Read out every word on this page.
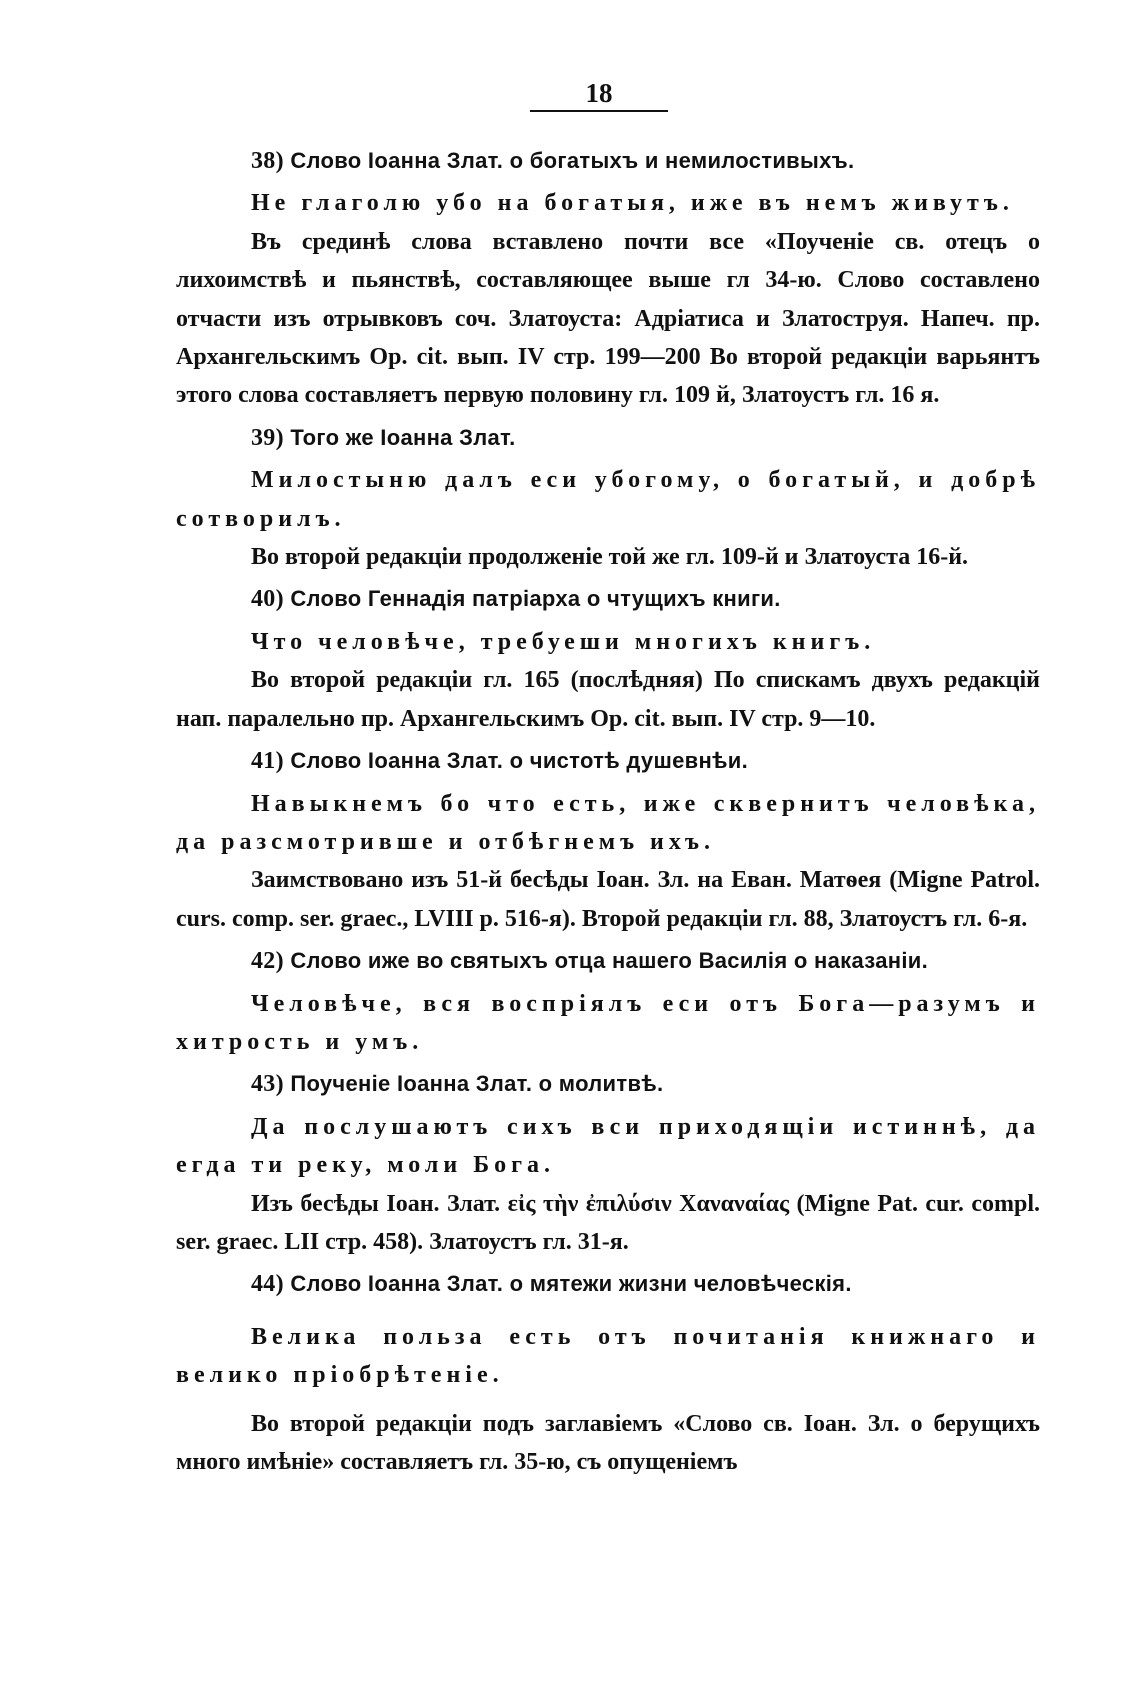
18

38) Слово Іоанна Злат. о богатыхъ и немилостивыхъ.

Не глаголю убо на богатыя, иже въ немъ живутъ.

Въ срединѣ слова вставлено почти все «Поученіе св. отецъ о лихоимствѣ и пьянствѣ, составляющее выше гл 34-ю. Слово составлено отчасти изъ отрывковъ соч. Златоуста: Адріатиса и Златоструя. Напеч. пр. Архангельскимъ Ор. cit. вып. IV стр. 199—200 Во второй редакціи варьянтъ этого слова составляетъ первую половину гл. 109 й, Златоустъ гл. 16 я.

39) Того же Іоанна Злат.

Милостыню далъ еси убогому, о богатый, и добрѣ сотворилъ.

Во второй редакціи продолженіе той же гл. 109-й и Златоуста 16-й.

40) Слово Геннадія патріарха о чтущихъ книги.

Что человѣче, требуеши многихъ книгъ.

Во второй редакціи гл. 165 (послѣдняя) По спискамъ двухъ редакцій нап. паралельно пр. Архангельскимъ Ор. cit. вып. IV стр. 9—10.

41) Слово Іоанна Злат. о чистотѣ душевнѣи.

Навыкнемъ бо что есть, иже сквернитъ человѣка, да разсмотривше и отбѣгнемъ ихъ.

Заимствовано изъ 51-й бесѣды Іоан. Зл. на Еван. Матѳея (Migne Patrol. curs. comp. ser. graec., LVIII p. 516-я). Второй редакціи гл. 88, Златоустъ гл. 6-я.

42) Слово иже во святыхъ отца нашего Василія о наказаніи.

Человѣче, вся воспріялъ еси отъ Бога—разумъ и хитрость и умъ.

43) Поученіе Іоанна Злат. о молитвѣ.

Да послушаютъ сихъ вси приходящіи истиннѣ, да егда ти реку, моли Бога.

Изъ бесѣды Іоан. Злат. εἰς τὴν ἐπιλύσιν Χαναναίας (Migne Pat. cur. compl. ser. graec. LII стр. 458). Златоустъ гл. 31-я.

44) Слово Іоанна Злат. о мятежи жизни человѣческія.

Велика польза есть отъ почитанія книжнаго и велико пріобрѣтеніе.

Во второй редакціи подъ заглавіемъ «Слово св. Іоан. Зл. о берущихъ много имѣніе» составляетъ гл. 35-ю, съ опущеніемъ
